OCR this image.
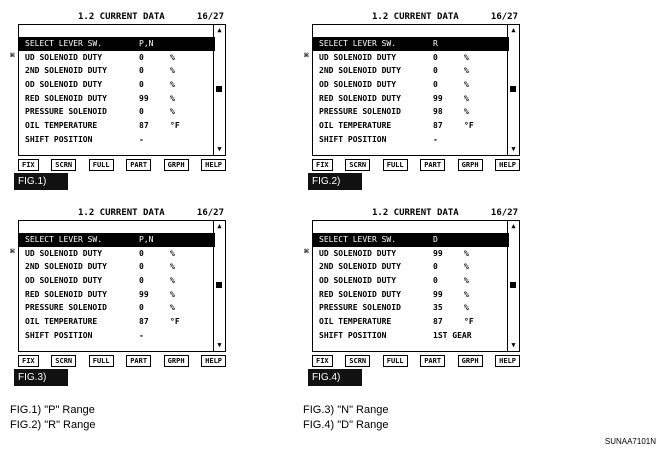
1.2 CURRENT DATA	16/27
⌘
SELECT LEVER SW.	P,N
UD SOLENOID DUTY	0	%
2ND SOLENOID DUTY	0	%
OD SOLENOID DUTY	0	%
RED SOLENOID DUTY	99	%
PRESSURE SOLENOID	0	%
OIL TEMPERATURE	87	°F
SHIFT POSITION	-
▲
▼
FIX	SCRN	FULL	PART	GRPH	HELP
FIG.1)
1.2 CURRENT DATA	16/27
⌘
SELECT LEVER SW.	R
UD SOLENOID DUTY	0	%
2ND SOLENOID DUTY	0	%
OD SOLENOID DUTY	0	%
RED SOLENOID DUTY	99	%
PRESSURE SOLENOID	98	%
OIL TEMPERATURE	87	°F
SHIFT POSITION	-
▲
▼
FIX	SCRN	FULL	PART	GRPH	HELP
FIG.2)
1.2 CURRENT DATA	16/27
⌘
SELECT LEVER SW.	P,N
UD SOLENOID DUTY	0	%
2ND SOLENOID DUTY	0	%
OD SOLENOID DUTY	0	%
RED SOLENOID DUTY	99	%
PRESSURE SOLENOID	0	%
OIL TEMPERATURE	87	°F
SHIFT POSITION	-
▲
▼
FIX	SCRN	FULL	PART	GRPH	HELP
FIG.3)
1.2 CURRENT DATA	16/27
⌘
SELECT LEVER SW.	D
UD SOLENOID DUTY	99	%
2ND SOLENOID DUTY	0	%
OD SOLENOID DUTY	0	%
RED SOLENOID DUTY	99	%
PRESSURE SOLENOID	35	%
OIL TEMPERATURE	87	°F
SHIFT POSITION	1ST GEAR
▲
▼
FIX	SCRN	FULL	PART	GRPH	HELP
FIG.4)
FIG.1) "P" Range
FIG.2) "R" Range
FIG.3) "N" Range
FIG.4) "D" Range
SUNAA7101N
